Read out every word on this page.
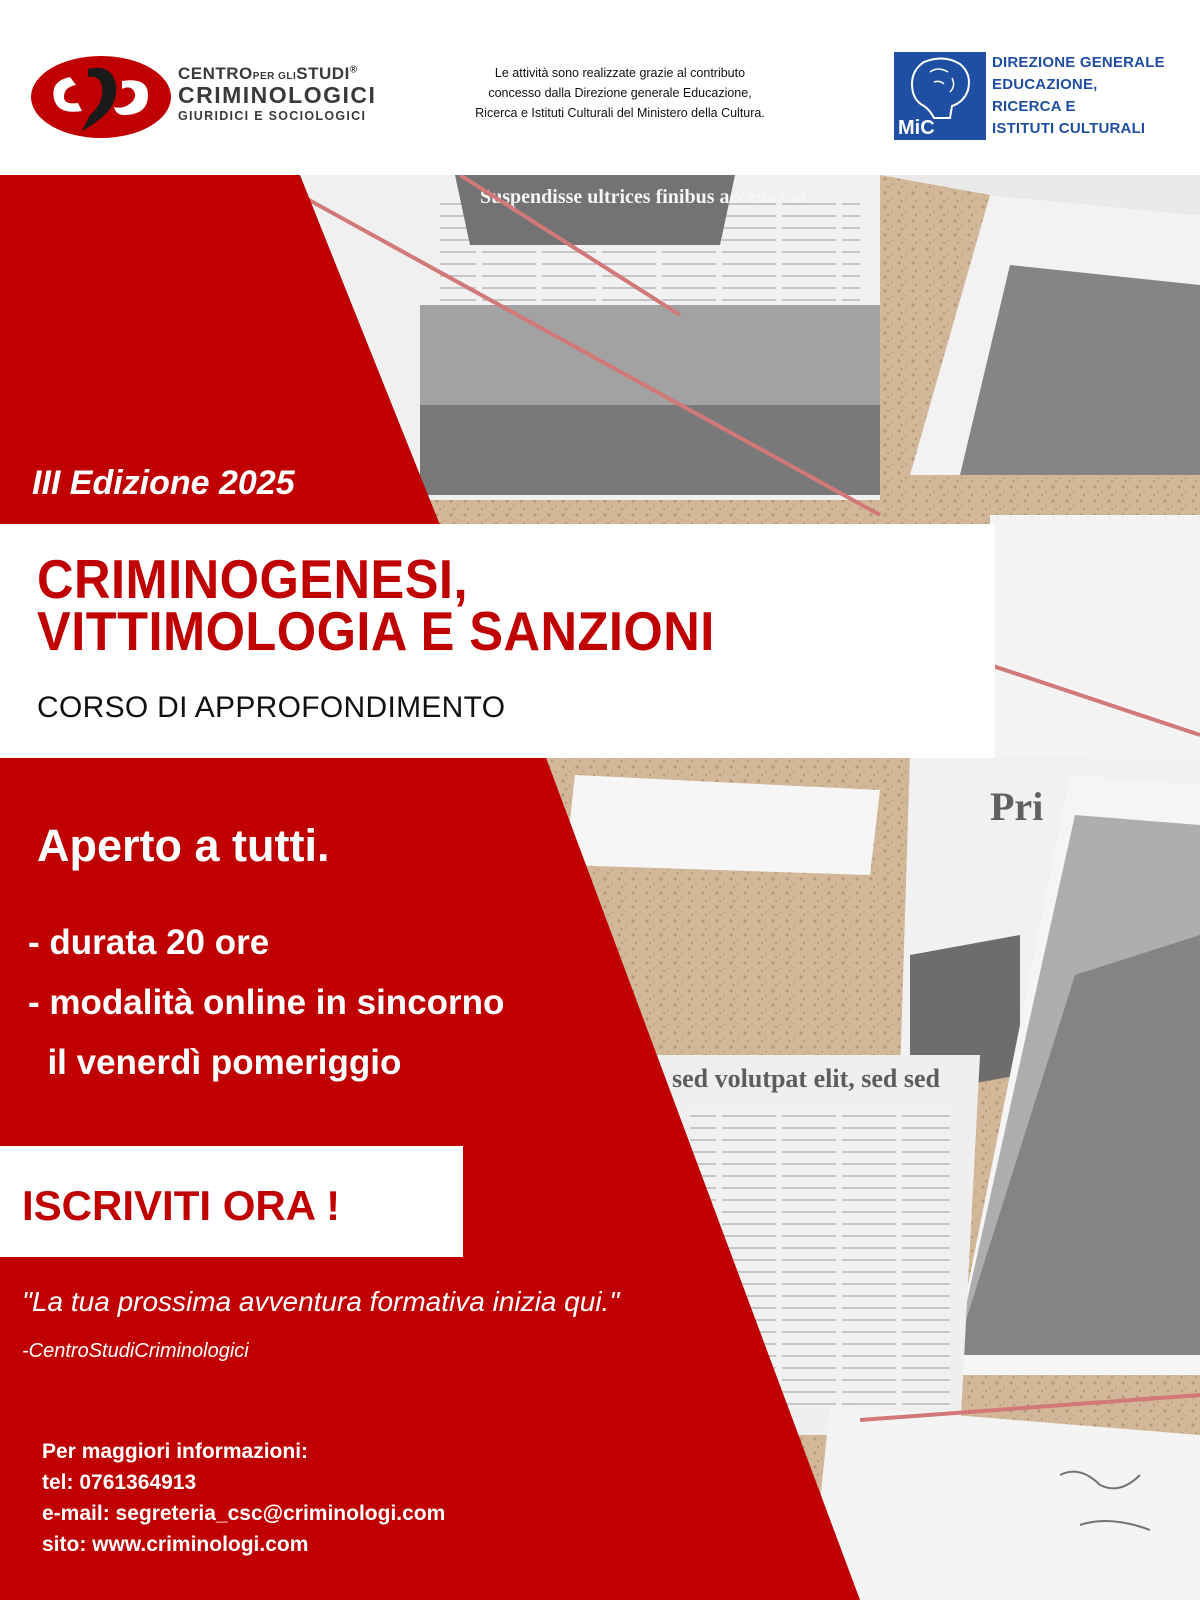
CENTROPER GLISTUDI®
CRIMINOLOGICI
GIURIDICI E SOCIOLOGICI
Le attività sono realizzate grazie al contributo
concesso dalla Direzione generale Educazione,
Ricerca e Istituti Culturali del Ministero della Cultura.
MiC
DIREZIONE GENERALE
EDUCAZIONE,
RICERCA E
ISTITUTI CULTURALI
Suspendisse ultrices finibus accenas at
Pri
sed volutpat elit, sed sed
III Edizione 2025
CRIMINOGENESI,
VITTIMOLOGIA E SANZIONI
CORSO DI APPROFONDIMENTO
Aperto a tutti.
- durata 20 ore
- modalità online in sincorno
il venerdì pomeriggio
ISCRIVITI ORA !
"La tua prossima avventura formativa inizia qui."
-CentroStudiCriminologici
Per maggiori informazioni:
tel: 0761364913
e-mail: segreteria_csc@criminologi.com
sito: www.criminologi.com
